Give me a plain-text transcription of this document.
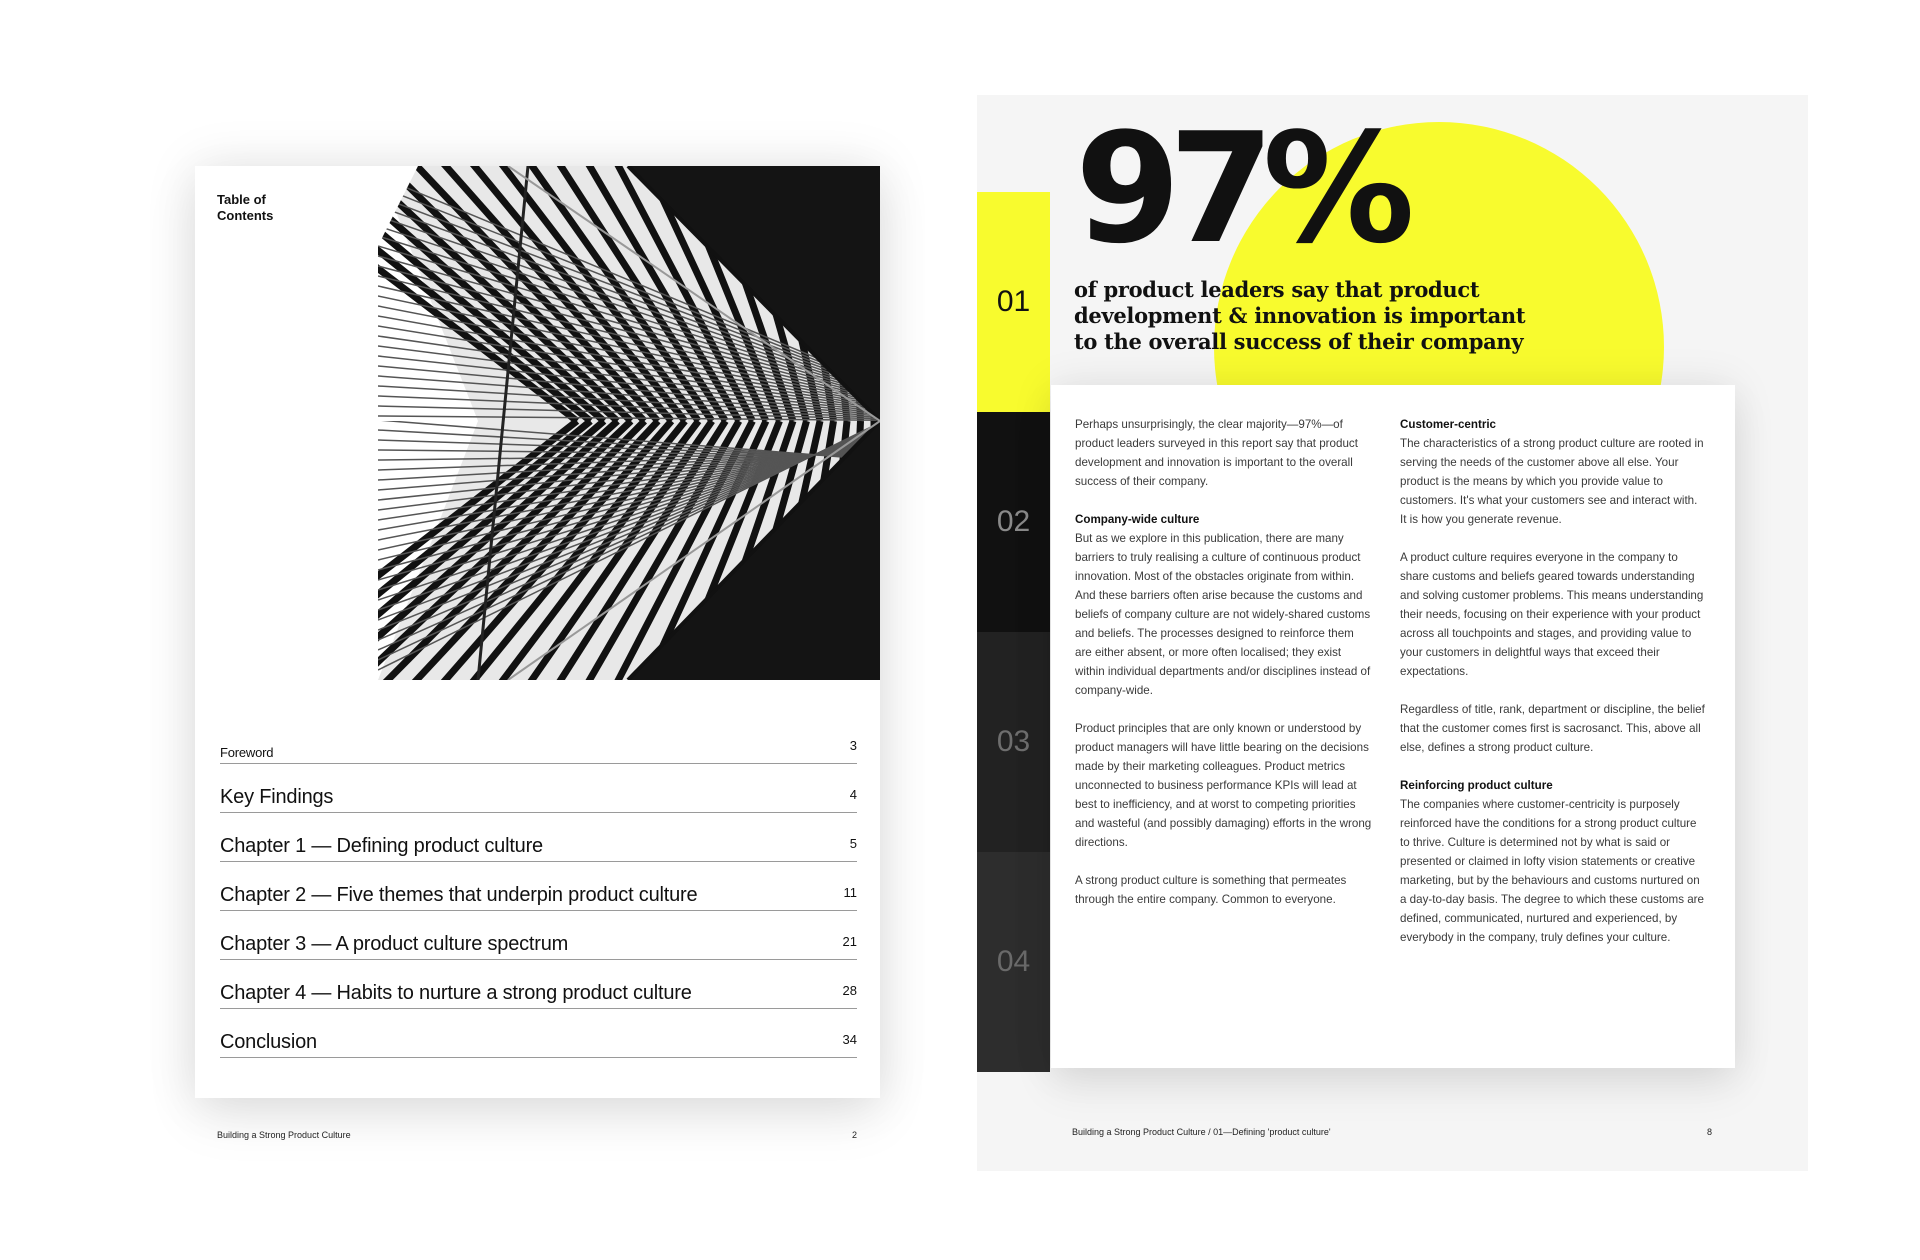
Table of
Contents
Foreword	3
Key Findings	4
Chapter 1 — Defining product culture	5
Chapter 2 — Five themes that underpin product culture	11
Chapter 3 — A product culture spectrum	21
Chapter 4 — Habits to nurture a strong product culture	28
Conclusion	34
Building a Strong Product Culture	2
97%
of product leaders say that product development & innovation is important to the overall success of their company
01
02
03
04

Perhaps unsurprisingly, the clear majority—97%—of product leaders surveyed in this report say that product development and innovation is important to the overall success of their company.

Company-wide culture

But as we explore in this publication, there are many barriers to truly realising a culture of continuous product innovation. Most of the obstacles originate from within. And these barriers often arise because the customs and beliefs of company culture are not widely-shared customs and beliefs. The processes designed to reinforce them are either absent, or more often localised; they exist within individual departments and/or disciplines instead of company-wide.

Product principles that are only known or understood by product managers will have little bearing on the decisions made by their marketing colleagues. Product metrics unconnected to business performance KPIs will lead at best to inefficiency, and at worst to competing priorities and wasteful (and possibly damaging) efforts in the wrong directions.

A strong product culture is something that permeates through the entire company. Common to everyone.

Customer-centric

The characteristics of a strong product culture are rooted in serving the needs of the customer above all else. Your product is the means by which you provide value to customers. It's what your customers see and interact with. It is how you generate revenue.

A product culture requires everyone in the company to share customs and beliefs geared towards understanding and solving customer problems. This means understanding their needs, focusing on their experience with your product across all touchpoints and stages, and providing value to your customers in delightful ways that exceed their expectations.

Regardless of title, rank, department or discipline, the belief that the customer comes first is sacrosanct. This, above all else, defines a strong product culture.

Reinforcing product culture

The companies where customer-centricity is purposely reinforced have the conditions for a strong product culture to thrive. Culture is determined not by what is said or presented or claimed in lofty vision statements or creative marketing, but by the behaviours and customs nurtured on a day-to-day basis. The degree to which these customs are defined, communicated, nurtured and experienced, by everybody in the company, truly defines your culture.

Building a Strong Product Culture / 01—Defining 'product culture'	8
